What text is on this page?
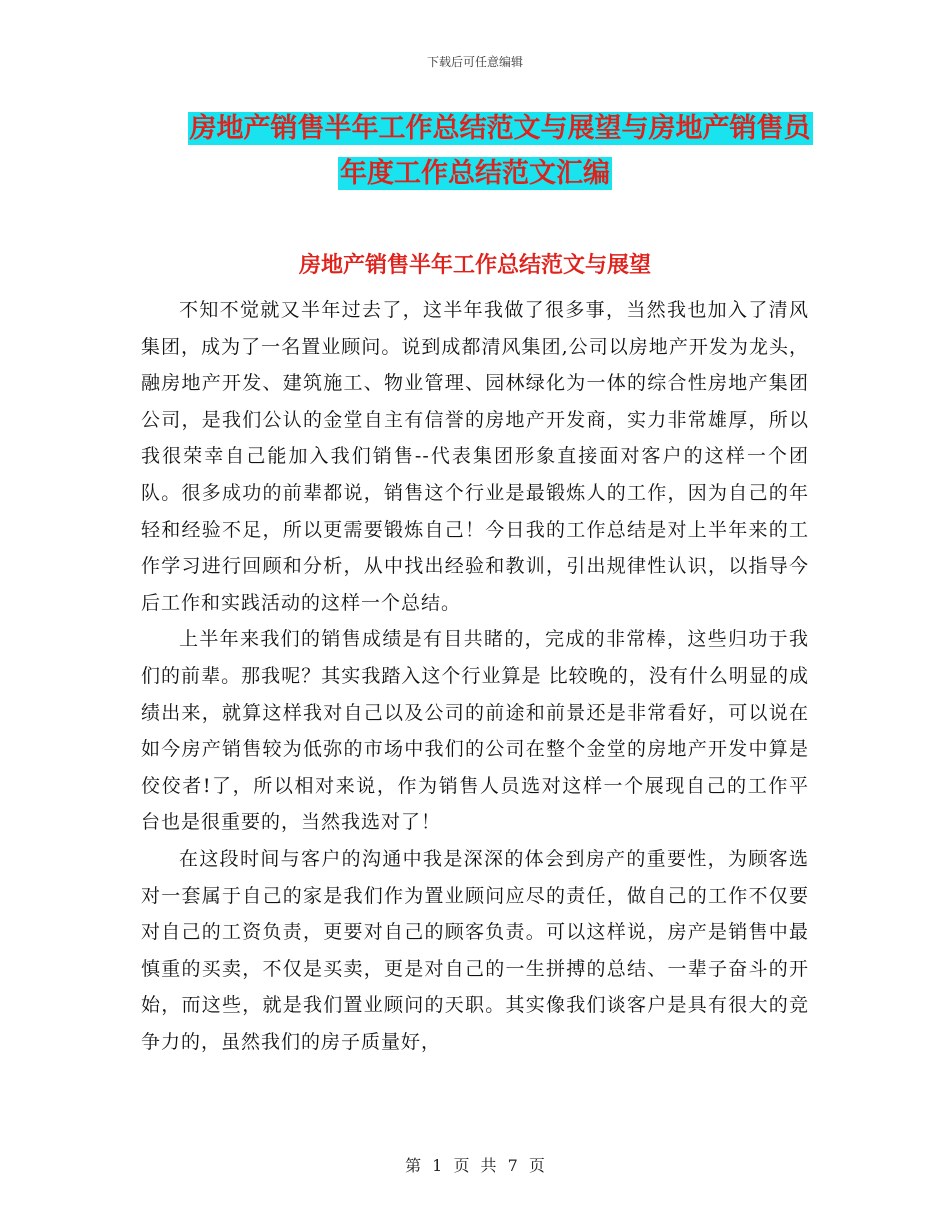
下载后可任意编辑
房地产销售半年工作总结范文与展望与房地产销售员
年度工作总结范文汇编
房地产销售半年工作总结范文与展望

不知不觉就又半年过去了，这半年我做了很多事，当然我也加入了清风集团，成为了一名置业顾问。说到成都清风集团,公司以房地产开发为龙头，融房地产开发、建筑施工、物业管理、园林绿化为一体的综合性房地产集团公司，是我们公认的金堂自主有信誉的房地产开发商，实力非常雄厚，所以我很荣幸自己能加入我们销售--代表集团形象直接面对客户的这样一个团队。很多成功的前辈都说，销售这个行业是最锻炼人的工作，因为自己的年轻和经验不足，所以更需要锻炼自己！今日我的工作总结是对上半年来的工作学习进行回顾和分析，从中找出经验和教训，引出规律性认识，以指导今后工作和实践活动的这样一个总结。

上半年来我们的销售成绩是有目共睹的，完成的非常棒，这些归功于我们的前辈。那我呢？其实我踏入这个行业算是 比较晚的，没有什么明显的成绩出来，就算这样我对自己以及公司的前途和前景还是非常看好，可以说在如今房产销售较为低弥的市场中我们的公司在整个金堂的房地产开发中算是佼佼者!了，所以相对来说，作为销售人员选对这样一个展现自己的工作平台也是很重要的，当然我选对了！

在这段时间与客户的沟通中我是深深的体会到房产的重要性，为顾客选对一套属于自己的家是我们作为置业顾问应尽的责任，做自己的工作不仅要对自己的工资负责，更要对自己的顾客负责。可以这样说，房产是销售中最慎重的买卖，不仅是买卖，更是对自己的一生拼搏的总结、一辈子奋斗的开始，而这些，就是我们置业顾问的天职。其实像我们谈客户是具有很大的竞争力的，虽然我们的房子质量好，

第 1 页 共 7 页
